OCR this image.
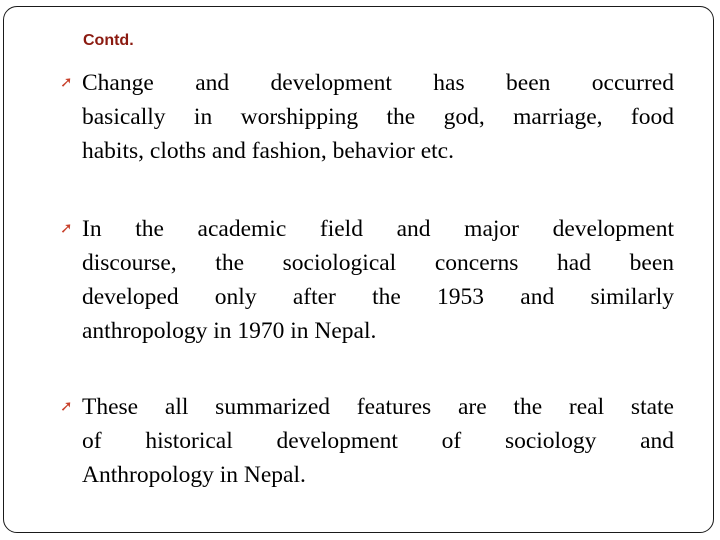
Contd.
➚ Change and development has been occurred
basically in worshipping the god, marriage, food
habits, cloths and fashion, behavior etc.
➚ In the academic field and major development
discourse, the sociological concerns had been
developed only after the 1953 and similarly
anthropology in 1970 in Nepal.
➚ These all summarized features are the real state
of historical development of sociology and
Anthropology in Nepal.
